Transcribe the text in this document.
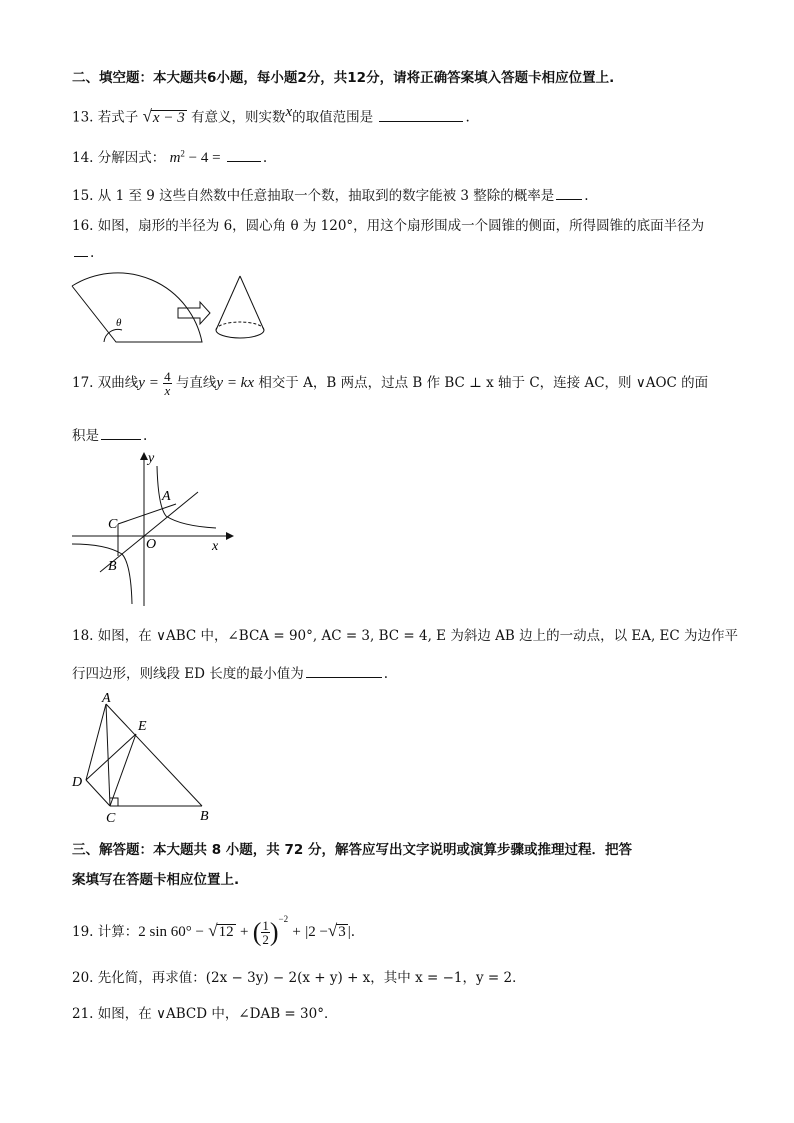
二、填空题：本大题共6小题，每小题2分，共12分，请将正确答案填入答题卡相应位置上.
13. 若式子 √x − 3 有意义，则实数$^x$的取值范围是	.
14. 分解因式： $m^2 - 4$ =	.
15. 从 1 至 9 这些自然数中任意抽取一个数，抽取到的数字能被 3 整除的概率是 .
16. 如图，扇形的半径为 6，圆心角 θ 为 120°，用这个扇形围成一个圆锥的侧面，所得圆锥的底面半径为
.
θ
17. 双曲线$y = \frac{4}{x}$ 与直线y = kx 相交于 A，B 两点，过点 B 作 BC ⊥ x 轴于 C，连接 AC，则 ∨AOC 的面
积是	.
y
x
A
B
C
O
18. 如图，在 ∨ABC 中，∠BCA = 90°, AC = 3, BC = 4, E 为斜边 AB 边上的一动点，以 EA, EC 为边作平
行四边形，则线段 ED 长度的最小值为	.
A
B
C
D
E
三、解答题：本大题共 8 小题，共 72 分，解答应写出文字说明或演算步骤或推理过程．把答
案填写在答题卡相应位置上.
19. 计算：2 sin 60° − √12 + ( $\frac{1}{2} )^{-2} + |2 -√3$ |.
20. 先化简，再求值：(2x − 3y) − 2(x + y) + x，其中 x = −1，y = 2．
21. 如图，在 ∨ABCD 中，∠DAB = 30°．
